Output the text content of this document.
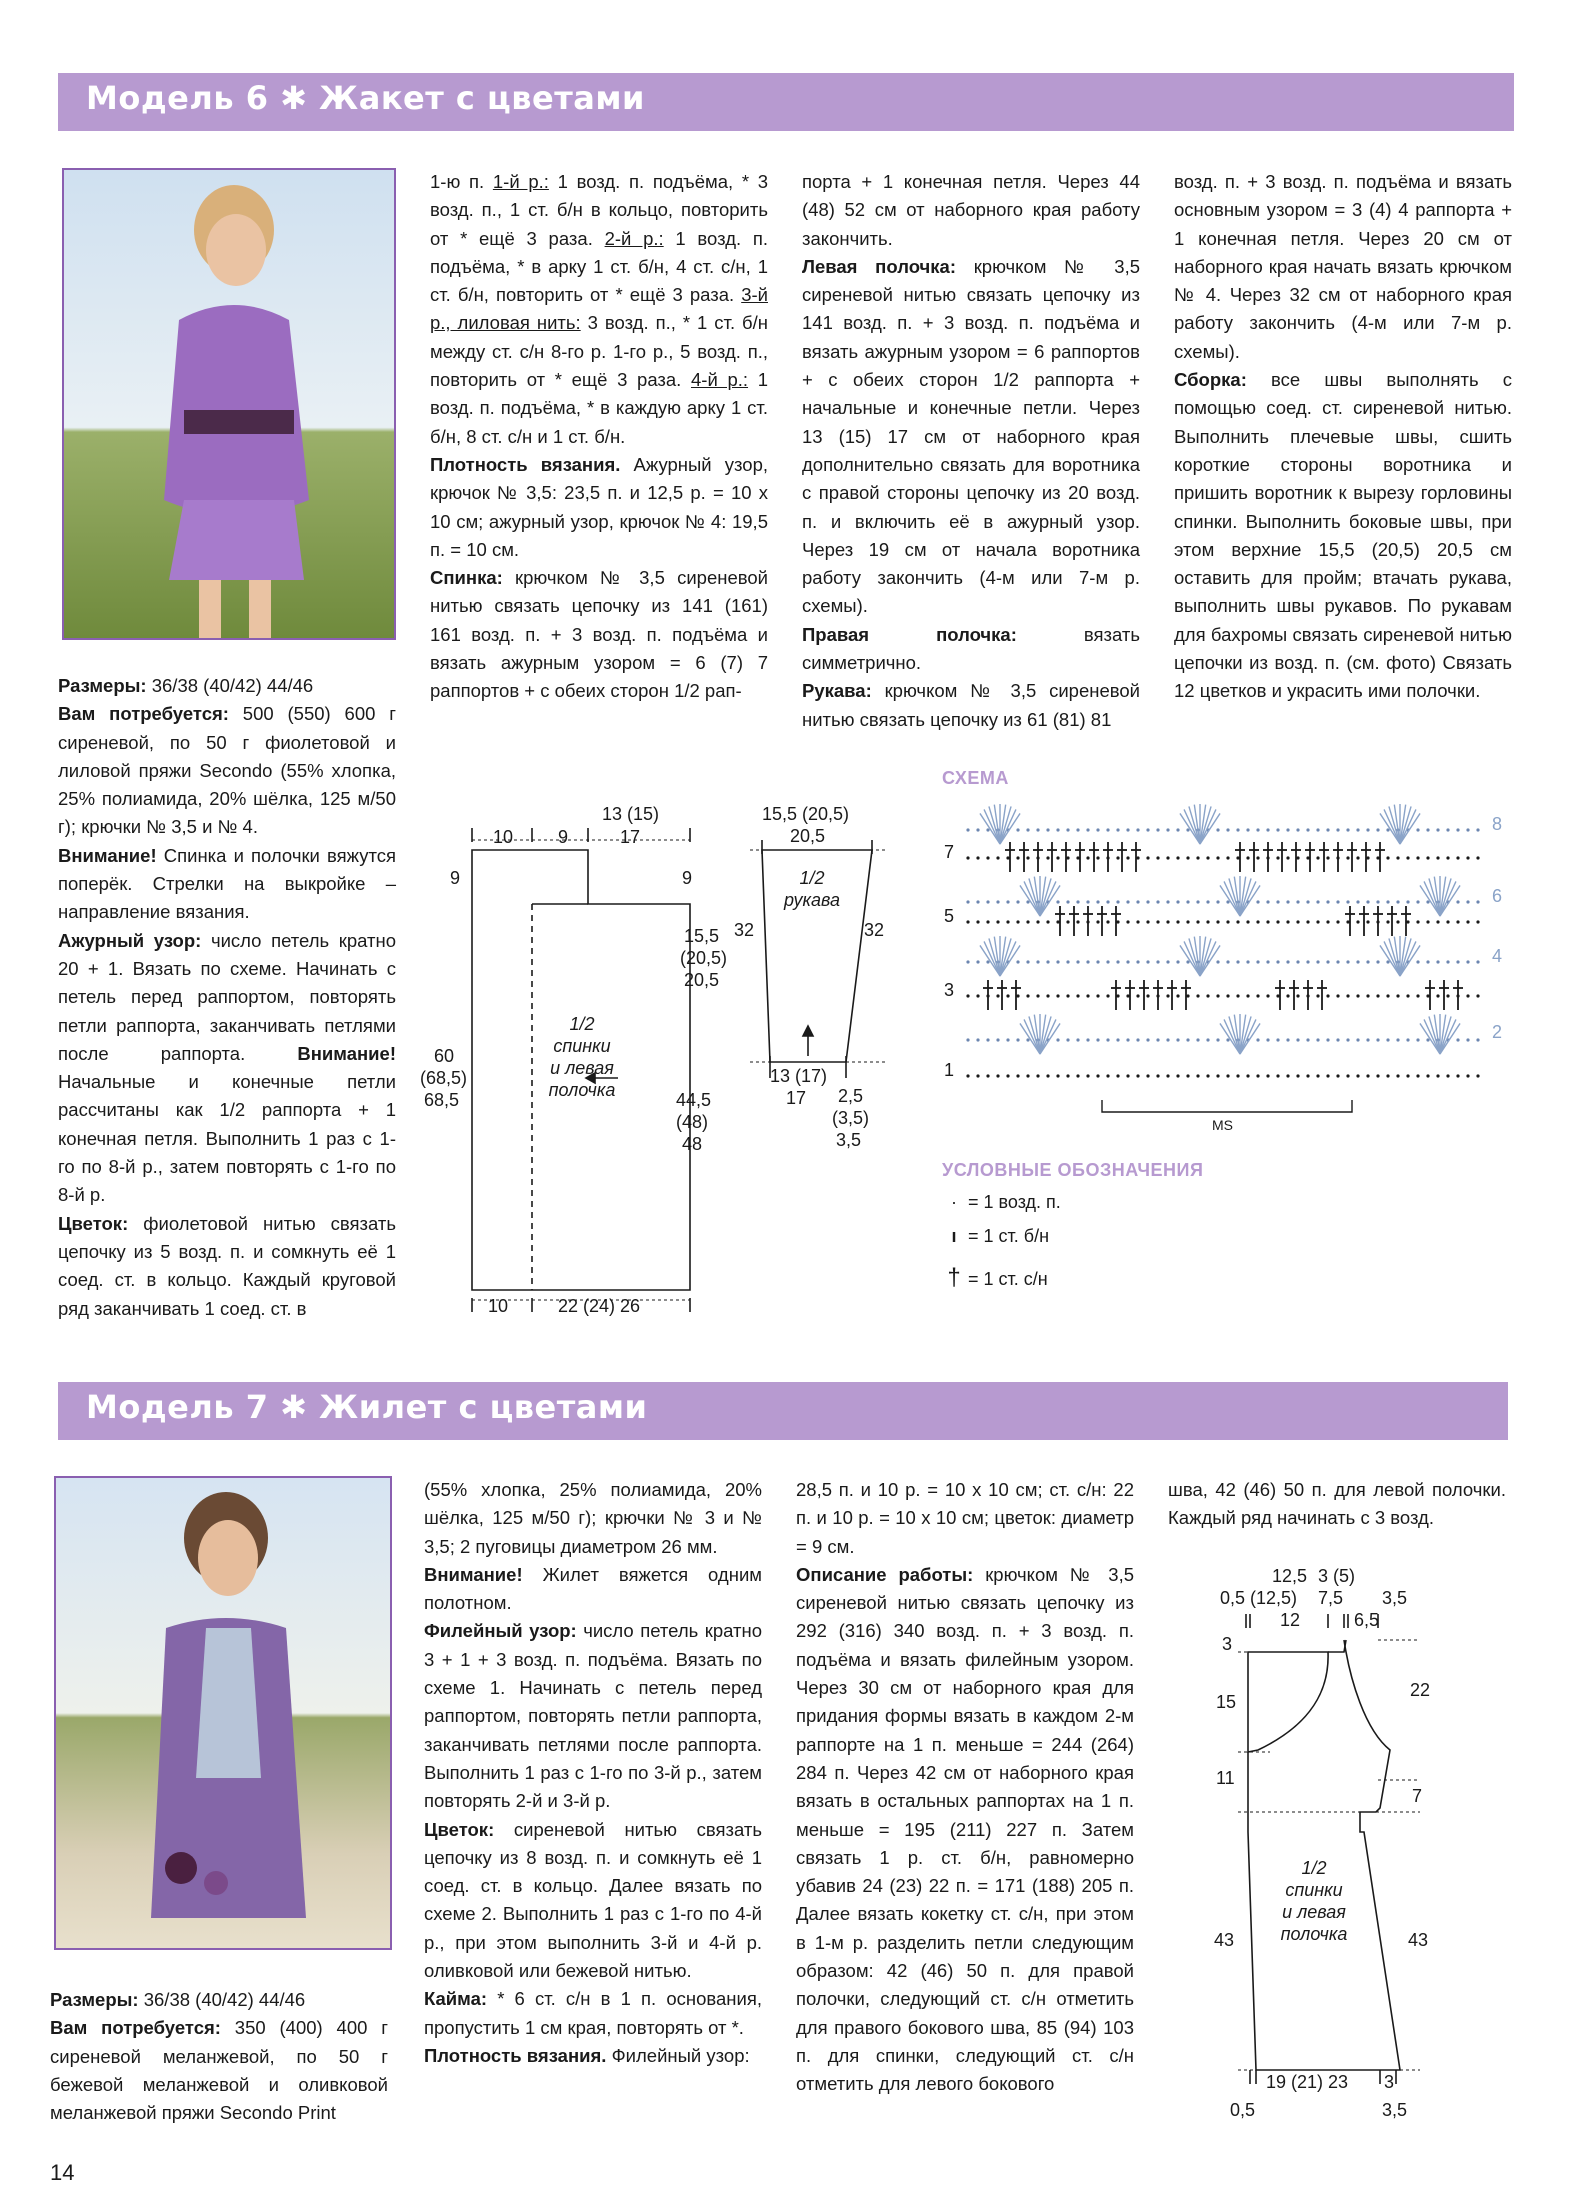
Модель 6 ✱ Жакет с цветами

Размеры: 36/38 (40/42) 44/46

Вам потребуется: 500 (550) 600 г сиреневой, по 50 г фиолетовой и лиловой пряжи Secondo (55% хлопка, 25% полиамида, 20% шёлка, 125 м/50 г); крючки № 3,5 и № 4.

Внимание! Спинка и полочки вяжутся поперёк. Стрелки на выкройке – направление вязания.

Ажурный узор: число петель кратно 20 + 1. Вязать по схеме. Начинать с петель перед раппортом, повторять петли раппорта, заканчивать петлями после раппорта. Внимание! Начальные и конечные петли рассчитаны как 1/2 раппорта + 1 конечная петля. Выполнить 1 раз с 1-го по 8-й р., затем повторять с 1-го по 8-й р.

Цветок: фиолетовой нитью связать цепочку из 5 возд. п. и сомкнуть её 1 соед. ст. в кольцо. Каждый круговой ряд заканчивать 1 соед. ст. в

1-ю п. 1-й р.: 1 возд. п. подъёма, * 3 возд. п., 1 ст. б/н в кольцо, повторить от * ещё 3 раза. 2-й р.: 1 возд. п. подъёма, * в арку 1 ст. б/н, 4 ст. с/н, 1 ст. б/н, повторить от * ещё 3 раза. 3-й р., лиловая нить: 3 возд. п., * 1 ст. б/н между ст. с/н 8-го р. 1-го р., 5 возд. п., повторить от * ещё 3 раза. 4-й р.: 1 возд. п. подъёма, * в каждую арку 1 ст. б/н, 8 ст. с/н и 1 ст. б/н.

Плотность вязания. Ажурный узор, крючок № 3,5: 23,5 п. и 12,5 р. = 10 х 10 см; ажурный узор, крючок № 4: 19,5 п. = 10 см.

Спинка: крючком № 3,5 сиреневой нитью связать цепочку из 141 (161) 161 возд. п. + 3 возд. п. подъёма и вязать ажурным узором = 6 (7) 7 раппортов + с обеих сторон 1/2 рап-

порта + 1 конечная петля. Через 44 (48) 52 см от наборного края работу закончить.

Левая полочка: крючком № 3,5 сиреневой нитью связать цепочку из 141 возд. п. + 3 возд. п. подъёма и вязать ажурным узором = 6 раппортов + с обеих сторон 1/2 раппорта + начальные и конечные петли. Через 13 (15) 17 см от наборного края дополнительно связать для воротника с правой стороны цепочку из 20 возд. п. и включить её в ажурный узор. Через 19 см от начала воротника работу закончить (4-м или 7-м р. схемы).

Правая полочка: вязать симметрично.

Рукава: крючком № 3,5 сиреневой нитью связать цепочку из 61 (81) 81

возд. п. + 3 возд. п. подъёма и вязать основным узором = 3 (4) 4 раппорта + 1 конечная петля. Через 20 см от наборного края начать вязать крючком № 4. Через 32 см от наборного края работу закончить (4-м или 7-м р. схемы).

Сборка: все швы выполнять с помощью соед. ст. сиреневой нитью. Выполнить плечевые швы, сшить короткие стороны воротника и пришить воротник к вырезу горловины спинки. Выполнить боковые швы, при этом верхние 15,5 (20,5) 20,5 см оставить для пройм; втачать рукава, выполнить швы рукавов. По рукавам для бахромы связать сиреневой нитью цепочки из возд. п. (см. фото) Связать 12 цветков и украсить ими полочки.

10 9
13 (15)
17
9	9
15,5
(20,5)
20,5
60
(68,5)
68,5	44,5
(48)
48
1/2
спинки
и левая
полочка
10	22 (24) 26
15,5 (20,5)
20,5
32	32
1/2
рукава
13 (17)
17 2,5
(3,5)
3,5
СХЕМА
7
5
3
1
8
6
4
2
MS
УСЛОВНЫЕ ОБОЗНАЧЕНИЯ
· = 1 возд. п.
ı = 1 ст. б/н
† = 1 ст. с/н
Модель 7 ✱ Жилет с цветами

Размеры: 36/38 (40/42) 44/46

Вам потребуется: 350 (400) 400 г сиреневой меланжевой, по 50 г бежевой меланжевой и оливковой меланжевой пряжи Secondo Print

(55% хлопка, 25% полиамида, 20% шёлка, 125 м/50 г); крючки № 3 и № 3,5; 2 пуговицы диаметром 26 мм.

Внимание! Жилет вяжется одним полотном.

Филейный узор: число петель кратно 3 + 1 + 3 возд. п. подъёма. Вязать по схеме 1. Начинать с петель перед раппортом, повторять петли раппорта, заканчивать петлями после раппорта. Выполнить 1 раз с 1-го по 3-й р., затем повторять 2-й и 3-й р.

Цветок: сиреневой нитью связать цепочку из 8 возд. п. и сомкнуть её 1 соед. ст. в кольцо. Далее вязать по схеме 2. Выполнить 1 раз с 1-го по 4-й р., при этом выполнить 3-й и 4-й р. оливковой или бежевой нитью.

Кайма: * 6 ст. с/н в 1 п. основания, пропустить 1 см края, повторять от *.

Плотность вязания. Филейный узор:

28,5 п. и 10 р. = 10 х 10 см; ст. с/н: 22 п. и 10 р. = 10 х 10 см; цветок: диаметр = 9 см.

Описание работы: крючком № 3,5 сиреневой нитью связать цепочку из 292 (316) 340 возд. п. + 3 возд. п. подъёма и вязать филейным узором. Через 30 см от наборного края для придания формы вязать в каждом 2-м раппорте на 1 п. меньше = 244 (264) 284 п. Через 42 см от наборного края вязать в остальных раппортах на 1 п. меньше = 195 (211) 227 п. Затем связать 1 р. ст. б/н, равномерно убавив 24 (23) 22 п. = 171 (188) 205 п. Далее вязать кокетку ст. с/н, при этом в 1-м р. разделить петли следующим образом: 42 (46) 50 п. для правой полочки, следующий ст. с/н отметить для правого бокового шва, 85 (94) 103 п. для спинки, следующий ст. с/н отметить для левого бокового

шва, 42 (46) 50 п. для левой полочки. Каждый ряд начинать с 3 возд.

12,5 3 (5)
0,5 (12,5) 7,5 3,5
12	6,5
3
15
11
43
22
7
43
1/2
спинки
и левая
полочка
19 (21) 23 3
0,5	3,5
14
